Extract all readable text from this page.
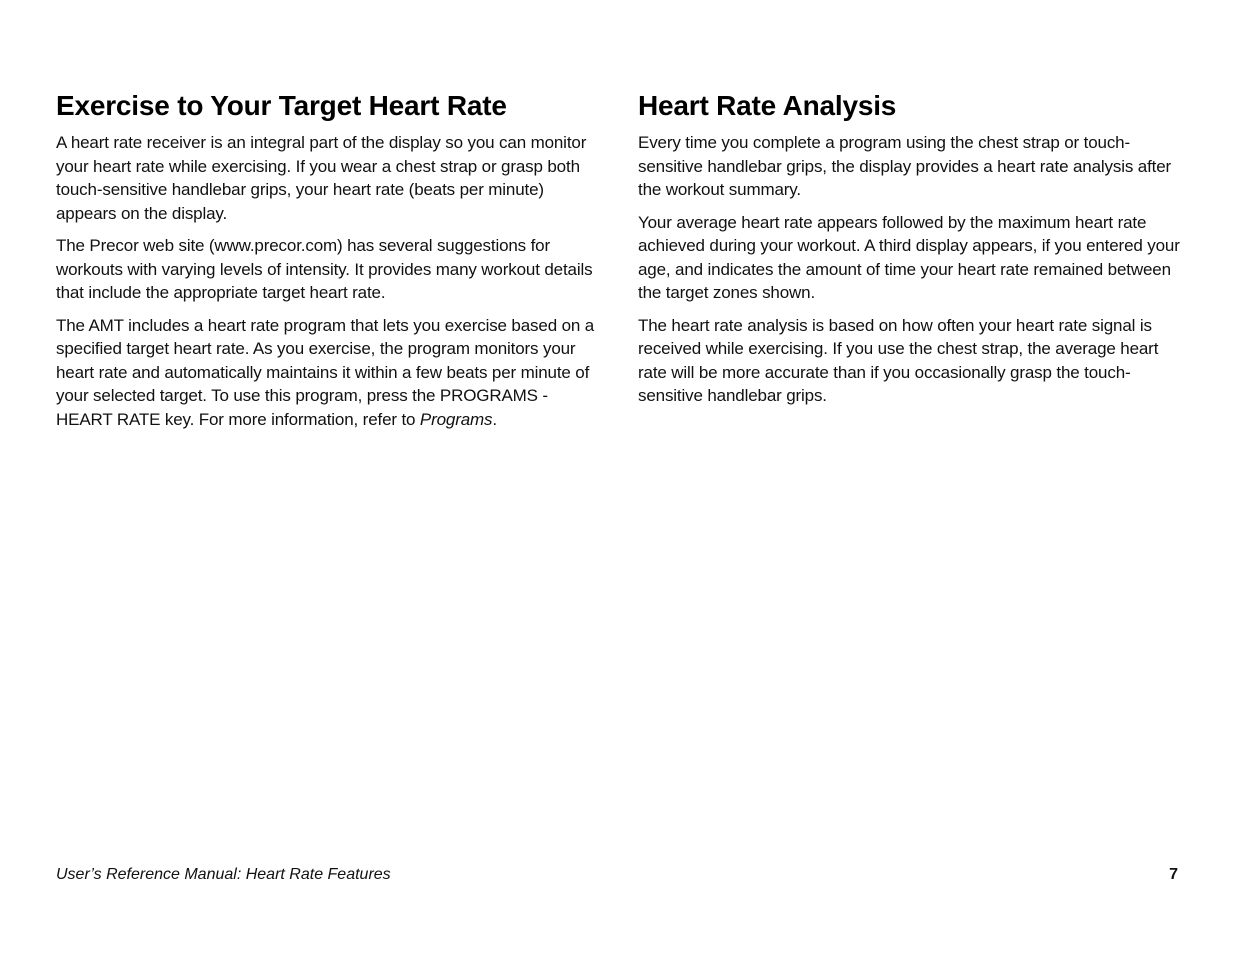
Exercise to Your Target Heart Rate

A heart rate receiver is an integral part of the display so you can monitor your heart rate while exercising. If you wear a chest strap or grasp both touch-sensitive handlebar grips, your heart rate (beats per minute) appears on the display.

The Precor web site (www.precor.com) has several suggestions for workouts with varying levels of intensity. It provides many workout details that include the appropriate target heart rate.

The AMT includes a heart rate program that lets you exercise based on a specified target heart rate. As you exercise, the program monitors your heart rate and automatically maintains it within a few beats per minute of your selected target. To use this program, press the PROGRAMS - HEART RATE key. For more information, refer to Programs.

Heart Rate Analysis

Every time you complete a program using the chest strap or touch-sensitive handlebar grips, the display provides a heart rate analysis after the workout summary.

Your average heart rate appears followed by the maximum heart rate achieved during your workout. A third display appears, if you entered your age, and indicates the amount of time your heart rate remained between the target zones shown.

The heart rate analysis is based on how often your heart rate signal is received while exercising. If you use the chest strap, the average heart rate will be more accurate than if you occasionally grasp the touch-sensitive handlebar grips.

User’s Reference Manual: Heart Rate Features	7
